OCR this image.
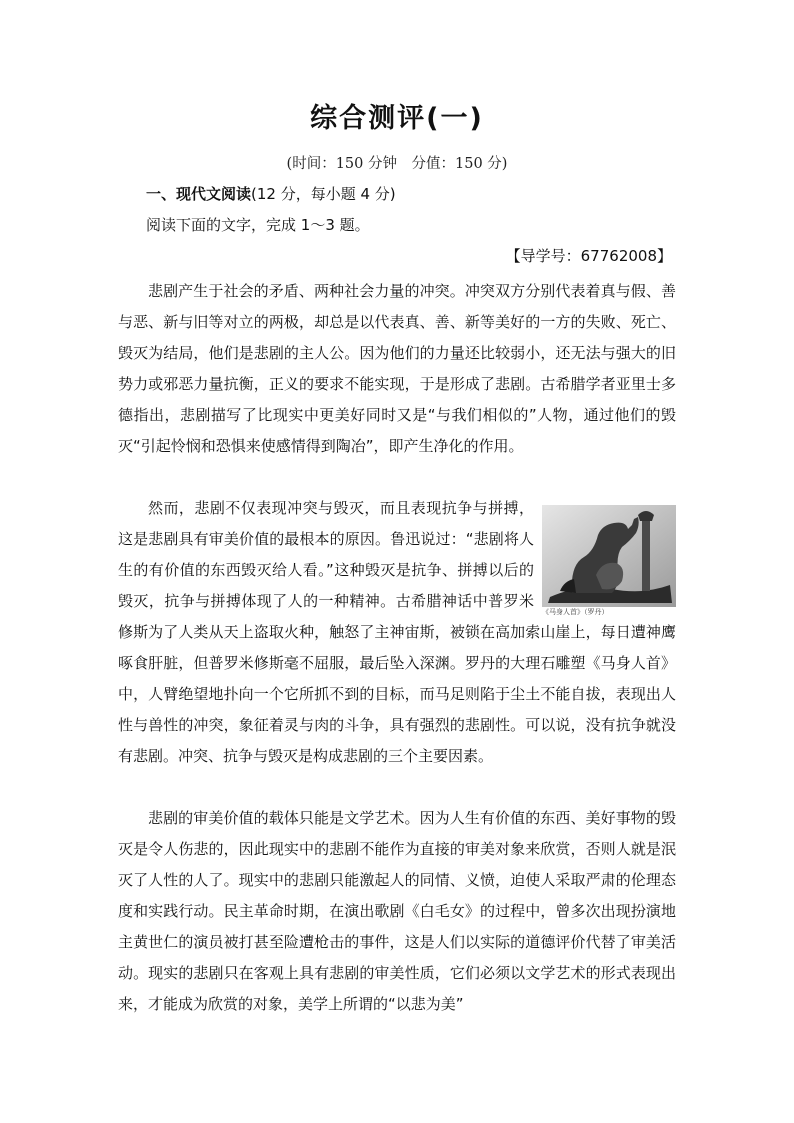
综合测评(一)
(时间：150 分钟　分值：150 分)
一、现代文阅读(12 分，每小题 4 分)
阅读下面的文字，完成 1～3 题。
【导学号：67762008】

悲剧产生于社会的矛盾、两种社会力量的冲突。冲突双方分别代表着真与假、善与恶、新与旧等对立的两极，却总是以代表真、善、新等美好的一方的失败、死亡、毁灭为结局，他们是悲剧的主人公。因为他们的力量还比较弱小，还无法与强大的旧势力或邪恶力量抗衡，正义的要求不能实现，于是形成了悲剧。古希腊学者亚里士多德指出，悲剧描写了比现实中更美好同时又是“与我们相似的”人物，通过他们的毁灭“引起怜悯和恐惧来使感情得到陶冶”，即产生净化的作用。

《马身人首》（罗丹）

然而，悲剧不仅表现冲突与毁灭，而且表现抗争与拼搏，这是悲剧具有审美价值的最根本的原因。鲁迅说过：“悲剧将人生的有价值的东西毁灭给人看。”这种毁灭是抗争、拼搏以后的毁灭，抗争与拼搏体现了人的一种精神。古希腊神话中普罗米修斯为了人类从天上盗取火种，触怒了主神宙斯，被锁在高加索山崖上，每日遭神鹰啄食肝脏，但普罗米修斯毫不屈服，最后坠入深渊。罗丹的大理石雕塑《马身人首》中，人臂绝望地扑向一个它所抓不到的目标，而马足则陷于尘土不能自拔，表现出人性与兽性的冲突，象征着灵与肉的斗争，具有强烈的悲剧性。可以说，没有抗争就没有悲剧。冲突、抗争与毁灭是构成悲剧的三个主要因素。

悲剧的审美价值的载体只能是文学艺术。因为人生有价值的东西、美好事物的毁灭是令人伤悲的，因此现实中的悲剧不能作为直接的审美对象来欣赏，否则人就是泯灭了人性的人了。现实中的悲剧只能激起人的同情、义愤，迫使人采取严肃的伦理态度和实践行动。民主革命时期，在演出歌剧《白毛女》的过程中，曾多次出现扮演地主黄世仁的演员被打甚至险遭枪击的事件，这是人们以实际的道德评价代替了审美活动。现实的悲剧只在客观上具有悲剧的审美性质，它们必须以文学艺术的形式表现出来，才能成为欣赏的对象，美学上所谓的“以悲为美”
